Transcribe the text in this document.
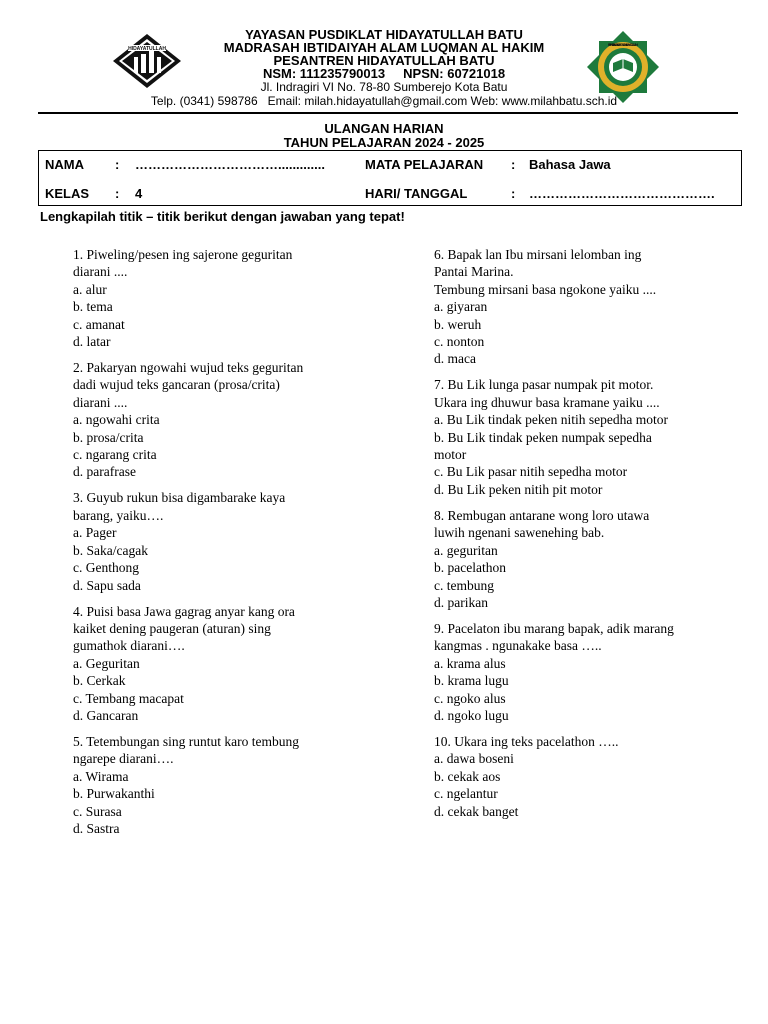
HIDAYATULLAH
PENDIDIKAN INTEGRAL HIDAYATULLAH
YAYASAN PUSDIKLAT HIDAYATULLAH BATU
MADRASAH IBTIDAIYAH ALAM LUQMAN AL HAKIM
PESANTREN HIDAYATULLAH BATU
NSM: 111235790013     NPSN: 60721018
Jl. Indragiri VI No. 78-80 Sumberejo Kota Batu
Telp. (0341) 598786   Email: milah.hidayatullah@gmail.com Web: www.milahbatu.sch.id
ULANGAN HARIAN
TAHUN PELAJARAN 2024 - 2025
NAMA : …………………………….............	MATA PELAJARAN : Bahasa Jawa
KELAS : 4	HARI/ TANGGAL	: …………………………………….
Lengkapilah titik – titik berikut dengan jawaban yang tepat!

1. Piweling/pesen ing sajerone geguritan

diarani ....

a. alur

b. tema

c. amanat

d. latar

2. Pakaryan ngowahi wujud teks geguritan

dadi wujud teks gancaran (prosa/crita)

diarani ....

a. ngowahi crita

b. prosa/crita

c. ngarang crita

d. parafrase

3. Guyub rukun bisa digambarake kaya

barang, yaiku….

a. Pager

b. Saka/cagak

c. Genthong

d. Sapu sada

4. Puisi basa Jawa gagrag anyar kang ora

kaiket dening paugeran (aturan) sing

gumathok diarani….

a. Geguritan

b. Cerkak

c. Tembang macapat

d. Gancaran

5. Tetembungan sing runtut karo tembung

ngarepe diarani….

a. Wirama

b. Purwakanthi

c. Surasa

d. Sastra

6. Bapak lan Ibu mirsani lelomban ing

Pantai Marina.

Tembung mirsani basa ngokone yaiku ....

a. giyaran

b. weruh

c. nonton

d. maca

7. Bu Lik lunga pasar numpak pit motor.

Ukara ing dhuwur basa kramane yaiku ....

a. Bu Lik tindak peken nitih sepedha motor

b. Bu Lik tindak peken numpak sepedha

motor

c. Bu Lik pasar nitih sepedha motor

d. Bu Lik peken nitih pit motor

8. Rembugan antarane wong loro utawa

luwih ngenani saweneһing bab.

a. geguritan

b. pacelathon

c. tembung

d. parikan

9. Pacelaton ibu marang bapak, adik marang

kangmas . ngunakake basa …..

a. krama alus

b. krama lugu

c. ngoko alus

d. ngoko lugu

10. Ukara ing teks pacelathon …..

a. dawa boseni

b. cekak aos

c. ngelantur

d. cekak banget
